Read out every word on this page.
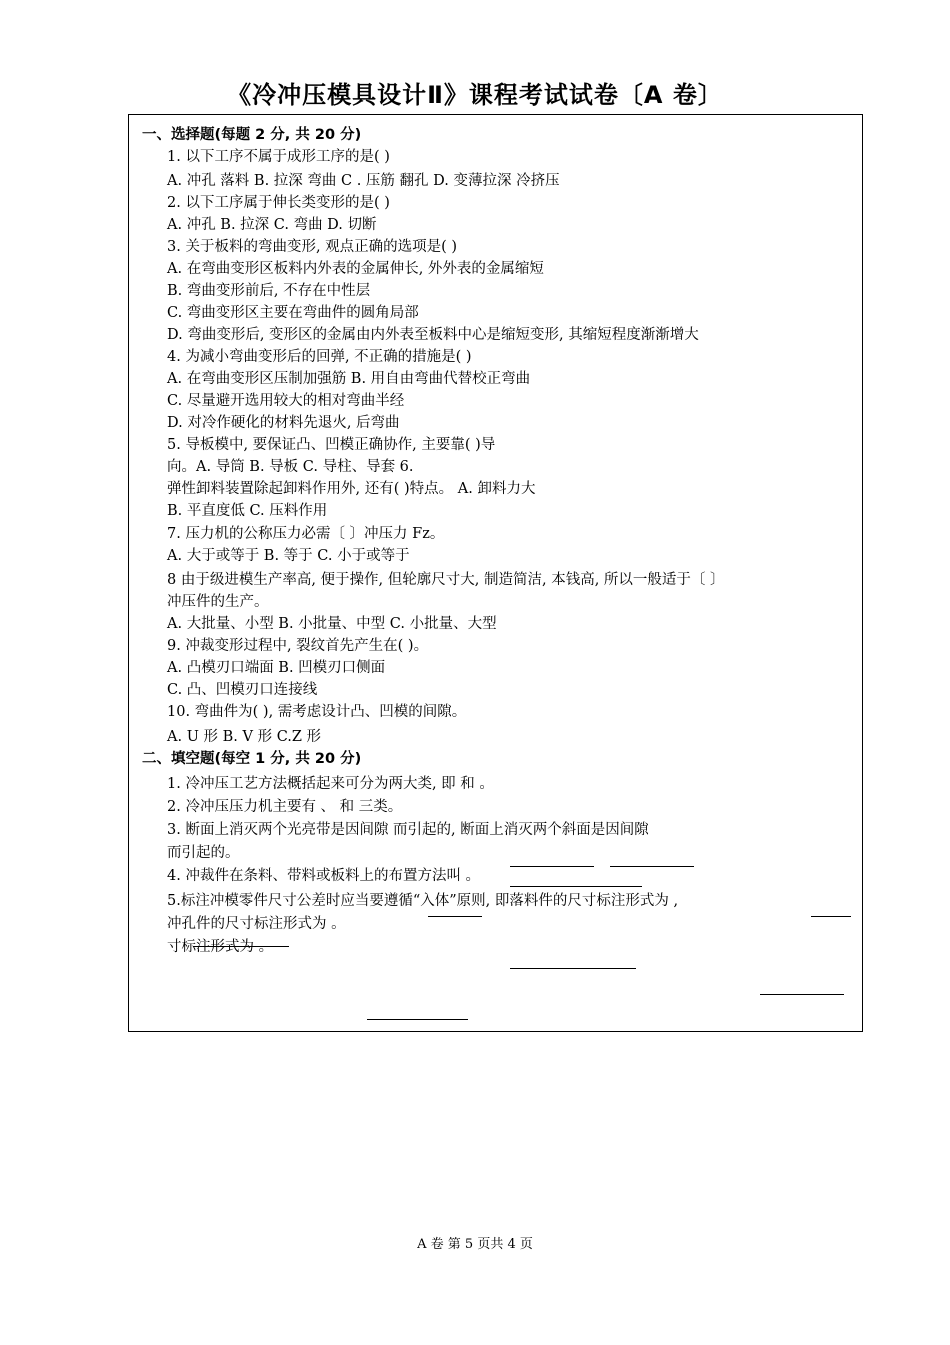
《冷冲压模具设计Ⅱ》课程考试试卷〔A 卷〕
一、选择题(每题 2 分, 共 20 分)
1. 以下工序不属于成形工序的是( )
A. 冲孔 落料 B. 拉深 弯曲 C . 压筋 翻孔 D. 变薄拉深 冷挤压
2. 以下工序属于伸长类变形的是( )
A. 冲孔 B. 拉深 C. 弯曲 D. 切断
3. 关于板料的弯曲变形, 观点正确的选项是( )
A. 在弯曲变形区板料内外表的金属伸长, 外外表的金属缩短
B. 弯曲变形前后, 不存在中性层
C. 弯曲变形区主要在弯曲件的圆角局部
D. 弯曲变形后, 变形区的金属由内外表至板料中心是缩短变形, 其缩短程度渐渐增大
4. 为减小弯曲变形后的回弹, 不正确的措施是( )
A. 在弯曲变形区压制加强筋 B. 用自由弯曲代替校正弯曲
C. 尽量避开选用较大的相对弯曲半经
D. 对冷作硬化的材料先退火, 后弯曲
5. 导板模中, 要保证凸、凹模正确协作, 主要靠( )导
向。A. 导筒 B. 导板 C. 导柱、导套 6.
弹性卸料装置除起卸料作用外, 还有( )特点。 A. 卸料力大
B. 平直度低 C. 压料作用
7. 压力机的公称压力必需〔 〕冲压力 Fz。
A. 大于或等于 B. 等于 C. 小于或等于
8 由于级进模生产率高, 便于操作, 但轮廓尺寸大, 制造简洁, 本钱高, 所以一般适于〔 〕
冲压件的生产。
A. 大批量、小型 B. 小批量、中型 C. 小批量、大型
9. 冲裁变形过程中, 裂纹首先产生在( )。
A. 凸模刃口端面 B. 凹模刃口侧面
C. 凸、凹模刃口连接线
10. 弯曲件为( ), 需考虑设计凸、凹模的间隙。
A. U 形 B. V 形 C.Z 形
二、填空题(每空 1 分, 共 20 分)
1. 冷冲压工艺方法概括起来可分为两大类, 即 和 。
2. 冷冲压压力机主要有 、 和 三类。
3. 断面上消灭两个光亮带是因间隙 而引起的, 断面上消灭两个斜面是因间隙
而引起的。
4. 冲裁件在条料、带料或板料上的布置方法叫 。
5.标注冲模零件尺寸公差时应当要遵循“入体”原则, 即落料件的尺寸标注形式为 ,
冲孔件的尺寸标注形式为 。
寸标注形式为 。
A 卷 第 5 页共 4 页
